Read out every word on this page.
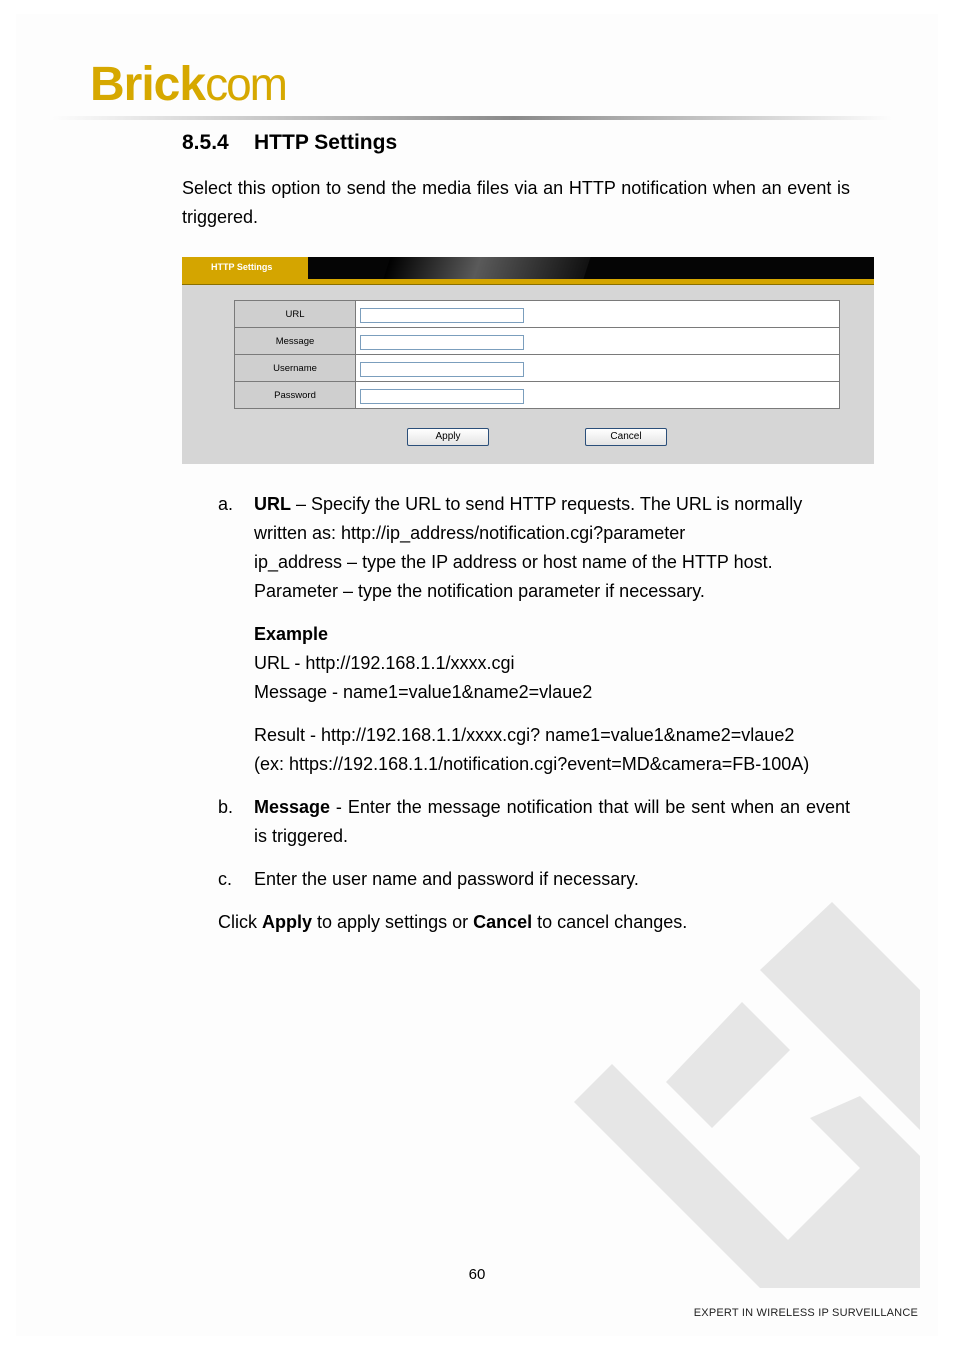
Brickcom
8.5.4 HTTP Settings
Select this option to send the media files via an HTTP notification when an event is triggered.
HTTP Settings
URL	
Message	
Username	
Password	
Apply	Cancel
a. URL – Specify the URL to send HTTP requests. The URL is normally
written as: http://ip_address/notification.cgi?parameter
ip_address – type the IP address or host name of the HTTP host.
Parameter – type the notification parameter if necessary.
Example
URL - http://192.168.1.1/xxxx.cgi
Message - name1=value1&name2=vlaue2
Result - http://192.168.1.1/xxxx.cgi? name1=value1&name2=vlaue2
(ex: https://192.168.1.1/notification.cgi?event=MD&camera=FB-100A)
b. Message - Enter the message notification that will be sent when an event is triggered.
c. Enter the user name and password if necessary.
Click Apply to apply settings or Cancel to cancel changes.
60
EXPERT IN WIRELESS IP SURVEILLANCE
